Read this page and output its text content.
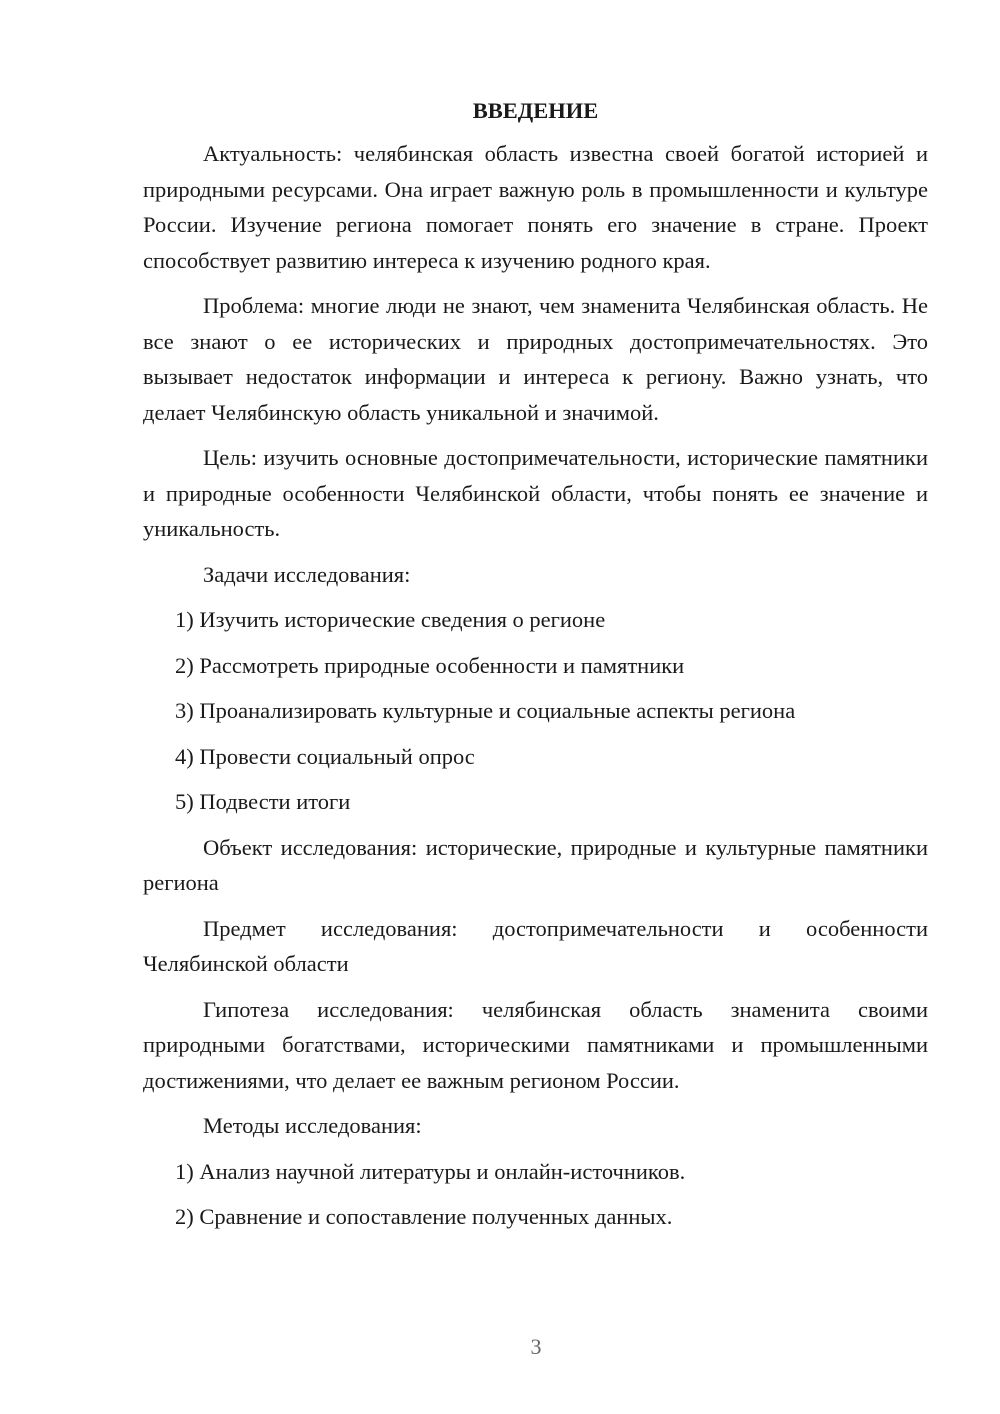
ВВЕДЕНИЕ

Актуальность: челябинская область известна своей богатой историей и природными ресурсами. Она играет важную роль в промышленности и культуре России. Изучение региона помогает понять его значение в стране. Проект способствует развитию интереса к изучению родного края.

Проблема: многие люди не знают, чем знаменита Челябинская область. Не все знают о ее исторических и природных достопримечательностях. Это вызывает недостаток информации и интереса к региону. Важно узнать, что делает Челябинскую область уникальной и значимой.

Цель: изучить основные достопримечательности, исторические памятники и природные особенности Челябинской области, чтобы понять ее значение и уникальность.

Задачи исследования:

1) Изучить исторические сведения о регионе

2) Рассмотреть природные особенности и памятники

3) Проанализировать культурные и социальные аспекты региона

4) Провести социальный опрос

5) Подвести итоги

Объект исследования: исторические, природные и культурные памятники региона

Предмет исследования: достопримечательности и особенности Челябинской области

Гипотеза исследования: челябинская область знаменита своими природными богатствами, историческими памятниками и промышленными достижениями, что делает ее важным регионом России.

Методы исследования:

1) Анализ научной литературы и онлайн-источников.

2) Сравнение и сопоставление полученных данных.

3
